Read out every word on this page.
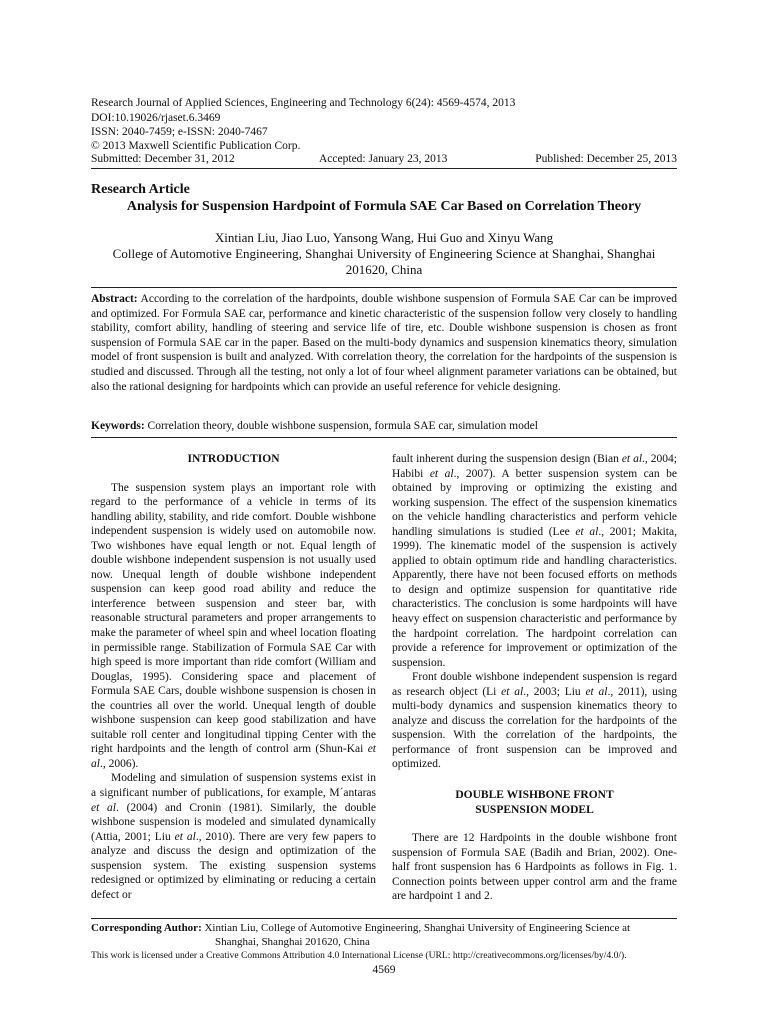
Research Journal of Applied Sciences, Engineering and Technology 6(24): 4569-4574, 2013
DOI:10.19026/rjaset.6.3469
ISSN: 2040-7459; e-ISSN: 2040-7467
© 2013 Maxwell Scientific Publication Corp.
Submitted: December 31, 2012	Accepted: January 23, 2013	Published: December 25, 2013
Research Article
Analysis for Suspension Hardpoint of Formula SAE Car Based on Correlation Theory
Xintian Liu, Jiao Luo, Yansong Wang, Hui Guo and Xinyu Wang
College of Automotive Engineering, Shanghai University of Engineering Science at Shanghai, Shanghai 201620, China
Abstract: According to the correlation of the hardpoints, double wishbone suspension of Formula SAE Car can be improved and optimized. For Formula SAE car, performance and kinetic characteristic of the suspension follow very closely to handling stability, comfort ability, handling of steering and service life of tire, etc. Double wishbone suspension is chosen as front suspension of Formula SAE car in the paper. Based on the multi-body dynamics and suspension kinematics theory, simulation model of front suspension is built and analyzed. With correlation theory, the correlation for the hardpoints of the suspension is studied and discussed. Through all the testing, not only a lot of four wheel alignment parameter variations can be obtained, but also the rational designing for hardpoints which can provide an useful reference for vehicle designing.
Keywords: Correlation theory, double wishbone suspension, formula SAE car, simulation model

INTRODUCTION

The suspension system plays an important role with regard to the performance of a vehicle in terms of its handling ability, stability, and ride comfort. Double wishbone independent suspension is widely used on automobile now. Two wishbones have equal length or not. Equal length of double wishbone independent suspension is not usually used now. Unequal length of double wishbone independent suspension can keep good road ability and reduce the interference between suspension and steer bar, with reasonable structural parameters and proper arrangements to make the parameter of wheel spin and wheel location floating in permissible range. Stabilization of Formula SAE Car with high speed is more important than ride comfort (William and Douglas, 1995). Considering space and placement of Formula SAE Cars, double wishbone suspension is chosen in the countries all over the world. Unequal length of double wishbone suspension can keep good stabilization and have suitable roll center and longitudinal tipping Center with the right hardpoints and the length of control arm (Shun-Kai et al., 2006).

Modeling and simulation of suspension systems exist in a significant number of publications, for example, M´antaras et al. (2004) and Cronin (1981). Similarly, the double wishbone suspension is modeled and simulated dynamically (Attia, 2001; Liu et al., 2010). There are very few papers to analyze and discuss the design and optimization of the suspension system. The existing suspension systems redesigned or optimized by eliminating or reducing a certain defect or

fault inherent during the suspension design (Bian et al., 2004; Habibi et al., 2007). A better suspension system can be obtained by improving or optimizing the existing and working suspension. The effect of the suspension kinematics on the vehicle handling characteristics and perform vehicle handling simulations is studied (Lee et al., 2001; Makita, 1999). The kinematic model of the suspension is actively applied to obtain optimum ride and handling characteristics. Apparently, there have not been focused efforts on methods to design and optimize suspension for quantitative ride characteristics. The conclusion is some hardpoints will have heavy effect on suspension characteristic and performance by the hardpoint correlation. The hardpoint correlation can provide a reference for improvement or optimization of the suspension.

Front double wishbone independent suspension is regard as research object (Li et al., 2003; Liu et al., 2011), using multi-body dynamics and suspension kinematics theory to analyze and discuss the correlation for the hardpoints of the suspension. With the correlation of the hardpoints, the performance of front suspension can be improved and optimized.

DOUBLE WISHBONE FRONT
SUSPENSION MODEL

There are 12 Hardpoints in the double wishbone front suspension of Formula SAE (Badih and Brian, 2002). One-half front suspension has 6 Hardpoints as follows in Fig. 1. Connection points between upper control arm and the frame are hardpoint 1 and 2.

Corresponding Author: Xintian Liu, College of Automotive Engineering, Shanghai University of Engineering Science at
Shanghai, Shanghai 201620, China
This work is licensed under a Creative Commons Attribution 4.0 International License (URL: http://creativecommons.org/licenses/by/4.0/).
4569
